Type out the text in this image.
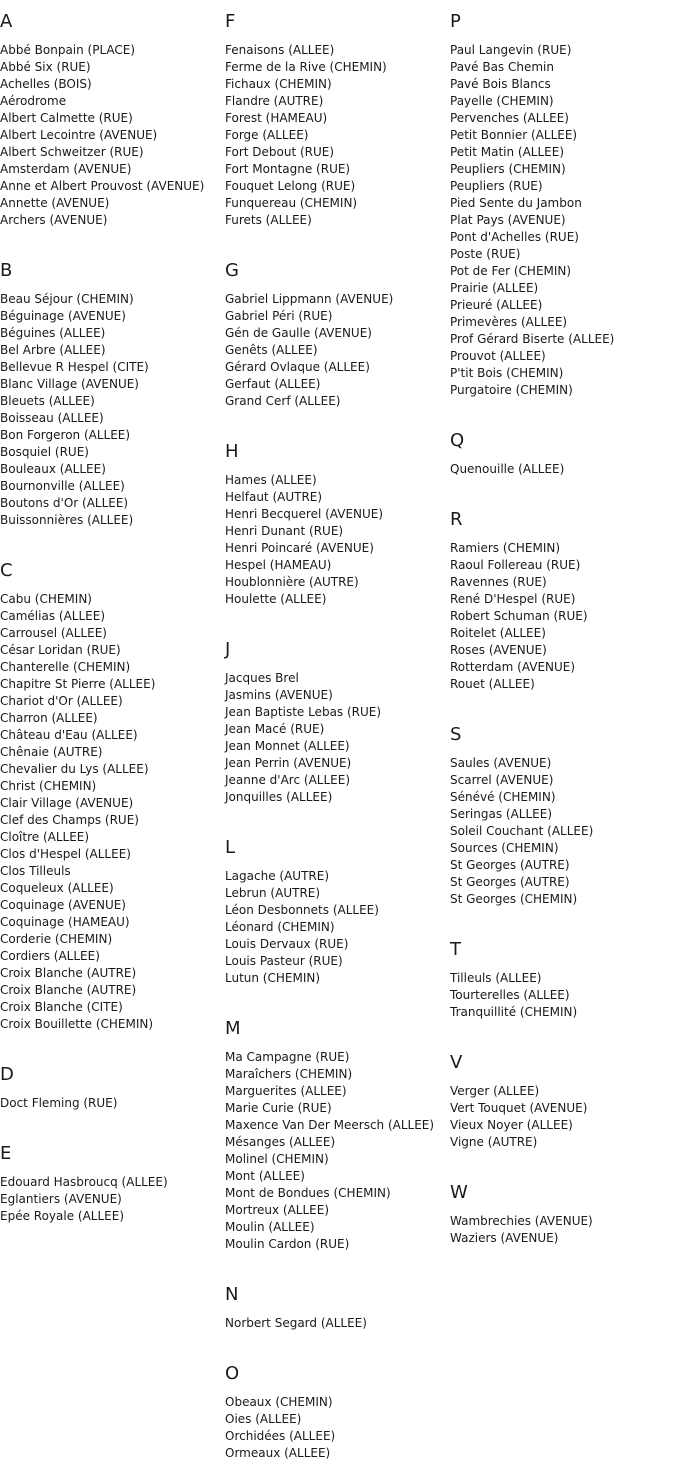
A
Abbé Bonpain (PLACE)
Abbé Six (RUE)
Achelles (BOIS)
Aérodrome
Albert Calmette (RUE)
Albert Lecointre (AVENUE)
Albert Schweitzer (RUE)
Amsterdam (AVENUE)
Anne et Albert Prouvost (AVENUE)
Annette (AVENUE)
Archers (AVENUE)
B
Beau Séjour (CHEMIN)
Béguinage (AVENUE)
Béguines (ALLEE)
Bel Arbre (ALLEE)
Bellevue R Hespel (CITE)
Blanc Village (AVENUE)
Bleuets (ALLEE)
Boisseau (ALLEE)
Bon Forgeron (ALLEE)
Bosquiel (RUE)
Bouleaux (ALLEE)
Bournonville (ALLEE)
Boutons d'Or (ALLEE)
Buissonnières (ALLEE)
C
Cabu (CHEMIN)
Camélias (ALLEE)
Carrousel (ALLEE)
César Loridan (RUE)
Chanterelle (CHEMIN)
Chapitre St Pierre (ALLEE)
Chariot d'Or (ALLEE)
Charron (ALLEE)
Château d'Eau (ALLEE)
Chênaie (AUTRE)
Chevalier du Lys (ALLEE)
Christ (CHEMIN)
Clair Village (AVENUE)
Clef des Champs (RUE)
Cloître (ALLEE)
Clos d'Hespel (ALLEE)
Clos Tilleuls
Coqueleux (ALLEE)
Coquinage (AVENUE)
Coquinage (HAMEAU)
Corderie (CHEMIN)
Cordiers (ALLEE)
Croix Blanche (AUTRE)
Croix Blanche (AUTRE)
Croix Blanche (CITE)
Croix Bouillette (CHEMIN)
D
Doct Fleming (RUE)
E
Edouard Hasbroucq (ALLEE)
Eglantiers (AVENUE)
Epée Royale (ALLEE)
F
Fenaisons (ALLEE)
Ferme de la Rive (CHEMIN)
Fichaux (CHEMIN)
Flandre (AUTRE)
Forest (HAMEAU)
Forge (ALLEE)
Fort Debout (RUE)
Fort Montagne (RUE)
Fouquet Lelong (RUE)
Funquereau (CHEMIN)
Furets (ALLEE)
G
Gabriel Lippmann (AVENUE)
Gabriel Péri (RUE)
Gén de Gaulle (AVENUE)
Genêts (ALLEE)
Gérard Ovlaque (ALLEE)
Gerfaut (ALLEE)
Grand Cerf (ALLEE)
H
Hames (ALLEE)
Helfaut (AUTRE)
Henri Becquerel (AVENUE)
Henri Dunant (RUE)
Henri Poincaré (AVENUE)
Hespel (HAMEAU)
Houblonnière (AUTRE)
Houlette (ALLEE)
J
Jacques Brel
Jasmins (AVENUE)
Jean Baptiste Lebas (RUE)
Jean Macé (RUE)
Jean Monnet (ALLEE)
Jean Perrin (AVENUE)
Jeanne d'Arc (ALLEE)
Jonquilles (ALLEE)
L
Lagache (AUTRE)
Lebrun (AUTRE)
Léon Desbonnets (ALLEE)
Léonard (CHEMIN)
Louis Dervaux (RUE)
Louis Pasteur (RUE)
Lutun (CHEMIN)
M
Ma Campagne (RUE)
Maraîchers (CHEMIN)
Marguerites (ALLEE)
Marie Curie (RUE)
Maxence Van Der Meersch (ALLEE)
Mésanges (ALLEE)
Molinel (CHEMIN)
Mont (ALLEE)
Mont de Bondues (CHEMIN)
Mortreux (ALLEE)
Moulin (ALLEE)
Moulin Cardon (RUE)
N
Norbert Segard (ALLEE)
O
Obeaux (CHEMIN)
Oies (ALLEE)
Orchidées (ALLEE)
Ormeaux (ALLEE)
P
Paul Langevin (RUE)
Pavé Bas Chemin
Pavé Bois Blancs
Payelle (CHEMIN)
Pervenches (ALLEE)
Petit Bonnier (ALLEE)
Petit Matin (ALLEE)
Peupliers (CHEMIN)
Peupliers (RUE)
Pied Sente du Jambon
Plat Pays (AVENUE)
Pont d'Achelles (RUE)
Poste (RUE)
Pot de Fer (CHEMIN)
Prairie (ALLEE)
Prieuré (ALLEE)
Primevères (ALLEE)
Prof Gérard Biserte (ALLEE)
Prouvot (ALLEE)
P'tit Bois (CHEMIN)
Purgatoire (CHEMIN)
Q
Quenouille (ALLEE)
R
Ramiers (CHEMIN)
Raoul Follereau (RUE)
Ravennes (RUE)
René D'Hespel (RUE)
Robert Schuman (RUE)
Roitelet (ALLEE)
Roses (AVENUE)
Rotterdam (AVENUE)
Rouet (ALLEE)
S
Saules (AVENUE)
Scarrel (AVENUE)
Sénévé (CHEMIN)
Seringas (ALLEE)
Soleil Couchant (ALLEE)
Sources (CHEMIN)
St Georges (AUTRE)
St Georges (AUTRE)
St Georges (CHEMIN)
T
Tilleuls (ALLEE)
Tourterelles (ALLEE)
Tranquillité (CHEMIN)
V
Verger (ALLEE)
Vert Touquet (AVENUE)
Vieux Noyer (ALLEE)
Vigne (AUTRE)
W
Wambrechies (AVENUE)
Waziers (AVENUE)
